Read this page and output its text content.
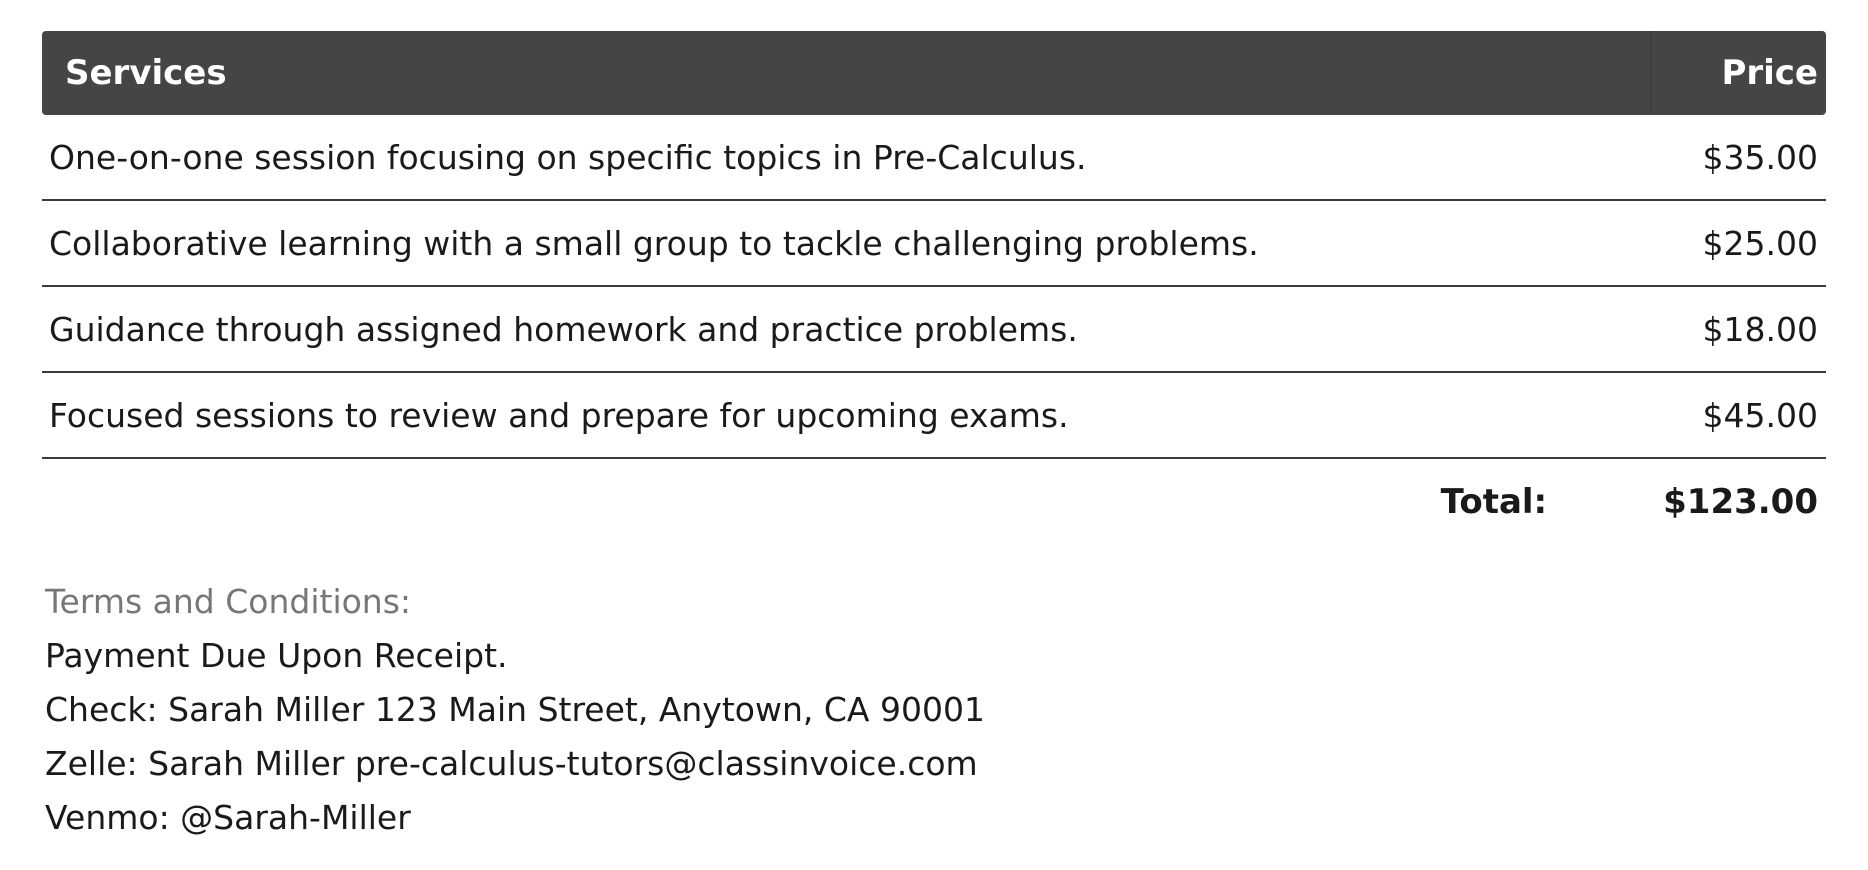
Services	Price
One-on-one session focusing on specific topics in Pre-Calculus.	$35.00
Collaborative learning with a small group to tackle challenging problems.	$25.00
Guidance through assigned homework and practice problems.	$18.00
Focused sessions to review and prepare for upcoming exams.	$45.00
Total:	$123.00
Terms and Conditions:
Payment Due Upon Receipt.
Check: Sarah Miller 123 Main Street, Anytown, CA 90001
Zelle: Sarah Miller pre-calculus-tutors@classinvoice.com
Venmo: @Sarah-Miller
